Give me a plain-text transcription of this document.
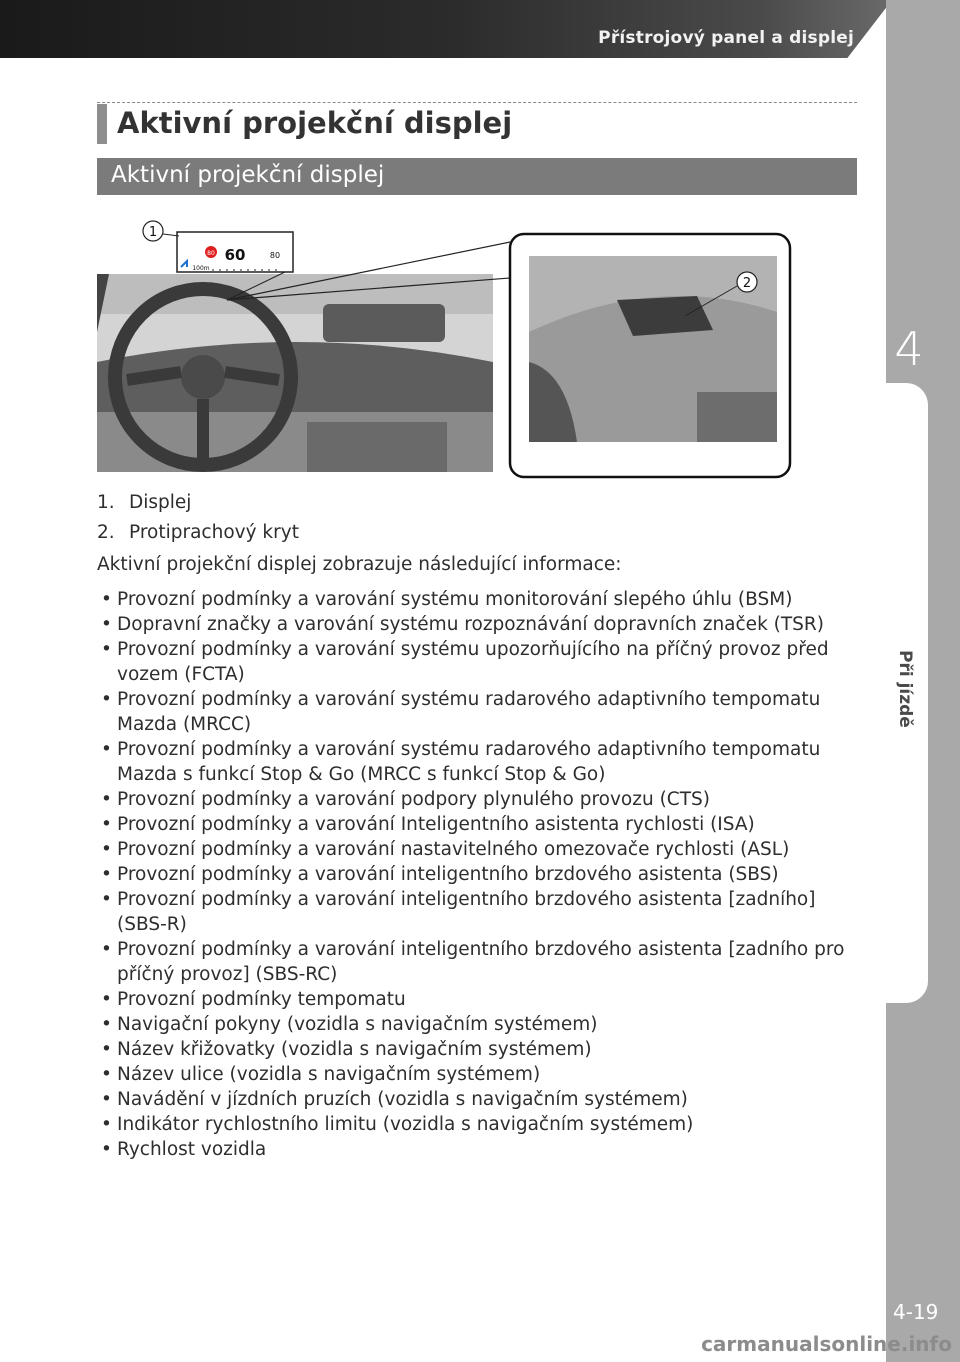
Přístrojový panel a displej
4
Při jízdě
4-19
carmanualsonline.info
Aktivní projekční displej
Aktivní projekční displej
80 60	80
100m
1
2
1. Displej
2. Protiprachový kryt
Aktivní projekční displej zobrazuje následující informace:
• Provozní podmínky a varování systému monitorování slepého úhlu (BSM)
• Dopravní značky a varování systému rozpoznávání dopravních značek (TSR)
• Provozní podmínky a varování systému upozorňujícího na příčný provoz před vozem (FCTA)
• Provozní podmínky a varování systému radarového adaptivního tempomatu Mazda (MRCC)
• Provozní podmínky a varování systému radarového adaptivního tempomatu Mazda s funkcí Stop & Go (MRCC s funkcí Stop & Go)
• Provozní podmínky a varování podpory plynulého provozu (CTS)
• Provozní podmínky a varování Inteligentního asistenta rychlosti (ISA)
• Provozní podmínky a varování nastavitelného omezovače rychlosti (ASL)
• Provozní podmínky a varování inteligentního brzdového asistenta (SBS)
• Provozní podmínky a varování inteligentního brzdového asistenta [zadního] (SBS-R)
• Provozní podmínky a varování inteligentního brzdového asistenta [zadního pro příčný provoz] (SBS-RC)
• Provozní podmínky tempomatu
• Navigační pokyny (vozidla s navigačním systémem)
• Název křižovatky (vozidla s navigačním systémem)
• Název ulice (vozidla s navigačním systémem)
• Navádění v jízdních pruzích (vozidla s navigačním systémem)
• Indikátor rychlostního limitu (vozidla s navigačním systémem)
• Rychlost vozidla
